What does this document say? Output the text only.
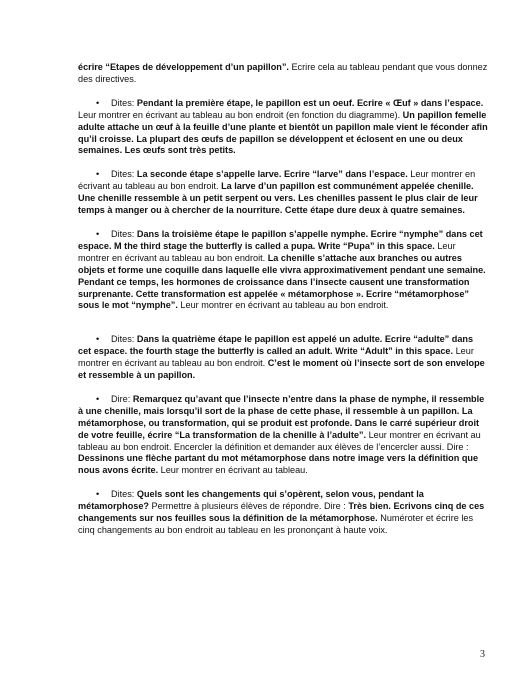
écrire “Etapes de développement d’un papillon”. Ecrire cela au tableau pendant que vous donnez des directives.

• Dites: Pendant la première étape, le papillon est un oeuf. Ecrire « Œuf » dans l’espace. Leur montrer en écrivant au tableau au bon endroit (en fonction du diagramme). Un papillon femelle adulte attache un œuf à la feuille d’une plante et bientôt un papillon male vient le féconder afin qu’il croisse. La plupart des œufs de papillon se développent et éclosent en une ou deux semaines. Les œufs sont très petits.

• Dites: La seconde étape s’appelle larve. Ecrire “larve” dans l’espace. Leur montrer en écrivant au tableau au bon endroit. La larve d’un papillon est communément appelée chenille. Une chenille ressemble à un petit serpent ou vers. Les chenilles passent le plus clair de leur temps à manger ou à chercher de la nourriture. Cette étape dure deux à quatre semaines.

• Dites: Dans la troisième étape le papillon s’appelle nymphe. Ecrire “nymphe” dans cet espace. M the third stage the butterfly is called a pupa. Write “Pupa” in this space. Leur montrer en écrivant au tableau au bon endroit. La chenille s’attache aux branches ou autres objets et forme une coquille dans laquelle elle vivra approximativement pendant une semaine. Pendant ce temps, les hormones de croissance dans l’insecte causent une transformation surprenante. Cette transformation est appelée « métamorphose ». Ecrire “métamorphose” sous le mot “nymphe”. Leur montrer en écrivant au tableau au bon endroit.

• Dites: Dans la quatrième étape le papillon est appelé un adulte. Ecrire “adulte” dans cet espace. the fourth stage the butterfly is called an adult. Write “Adult” in this space. Leur montrer en écrivant au tableau au bon endroit. C’est le moment où l’insecte sort de son envelope et ressemble à un papillon.

• Dire: Remarquez qu’avant que l’insecte n’entre dans la phase de nymphe, il ressemble à une chenille, mais lorsqu’il sort de la phase de cette phase, il ressemble à un papillon. La métamorphose, ou transformation, qui se produit est profonde. Dans le carré supérieur droit de votre feuille, écrire “La transformation de la chenille à l’adulte”. Leur montrer en écrivant au tableau au bon endroit. Encercler la définition et demander aux élèves de l’encercler aussi. Dire : Dessinons une flèche partant du mot métamorphose dans notre image vers la définition que nous avons écrite. Leur montrer en écrivant au tableau.

• Dites: Quels sont les changements qui s’opèrent, selon vous, pendant la métamorphose? Permettre à plusieurs élèves de répondre. Dire : Très bien. Ecrivons cinq de ces changements sur nos feuilles sous la définition de la métamorphose. Numéroter et écrire les cinq changements au bon endroit au tableau en les prononçant à haute voix.

3
